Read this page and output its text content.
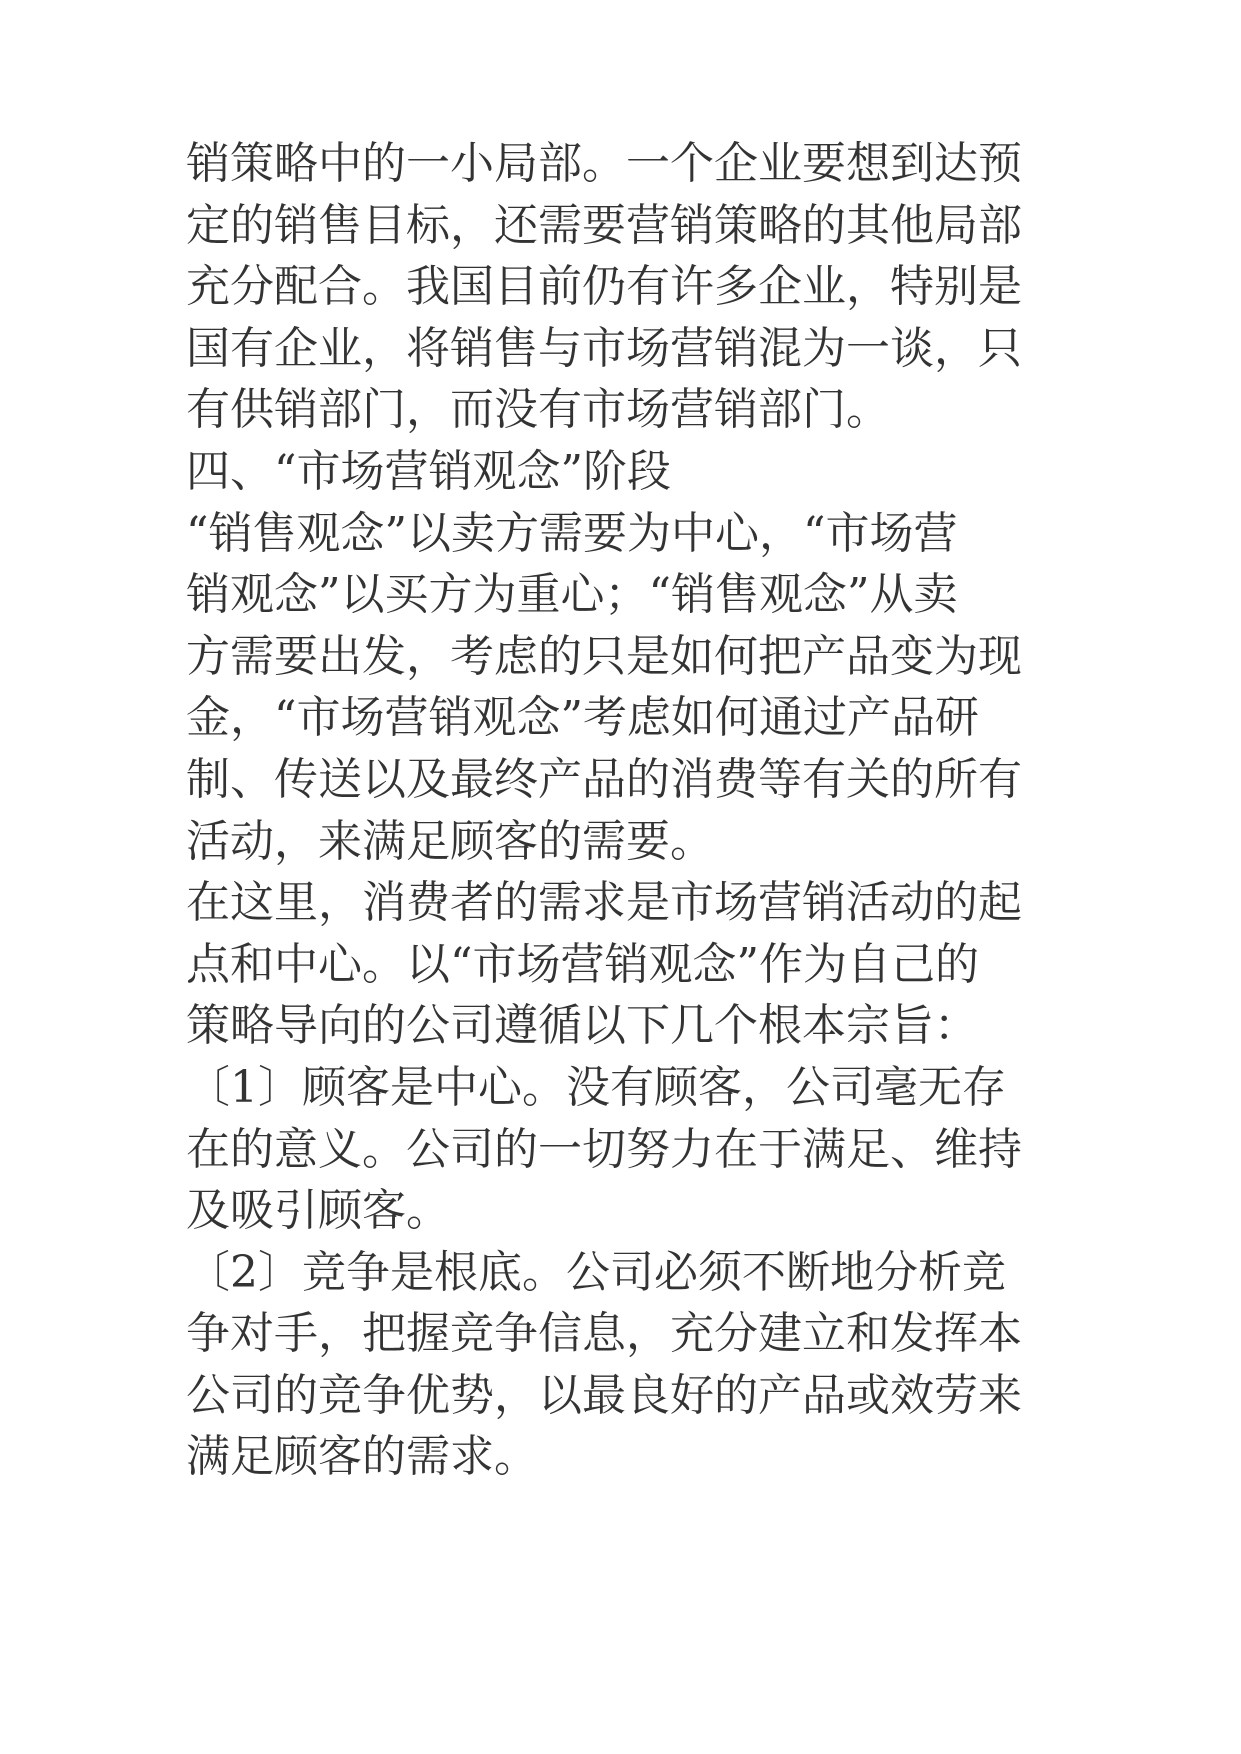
销策略中的一小局部。一个企业要想到达预
定的销售目标，还需要营销策略的其他局部
充分配合。我国目前仍有许多企业，特别是
国有企业，将销售与市场营销混为一谈，只
有供销部门，而没有市场营销部门。
四、“市场营销观念”阶段
“销售观念”以卖方需要为中心，“市场营
销观念”以买方为重心；“销售观念”从卖
方需要出发，考虑的只是如何把产品变为现
金，“市场营销观念”考虑如何通过产品研
制、传送以及最终产品的消费等有关的所有
活动，来满足顾客的需要。
在这里，消费者的需求是市场营销活动的起
点和中心。以“市场营销观念”作为自己的
策略导向的公司遵循以下几个根本宗旨：
〔1〕顾客是中心。没有顾客，公司毫无存
在的意义。公司的一切努力在于满足、维持
及吸引顾客。
〔2〕竞争是根底。公司必须不断地分析竞
争对手，把握竞争信息，充分建立和发挥本
公司的竞争优势，以最良好的产品或效劳来
满足顾客的需求。
